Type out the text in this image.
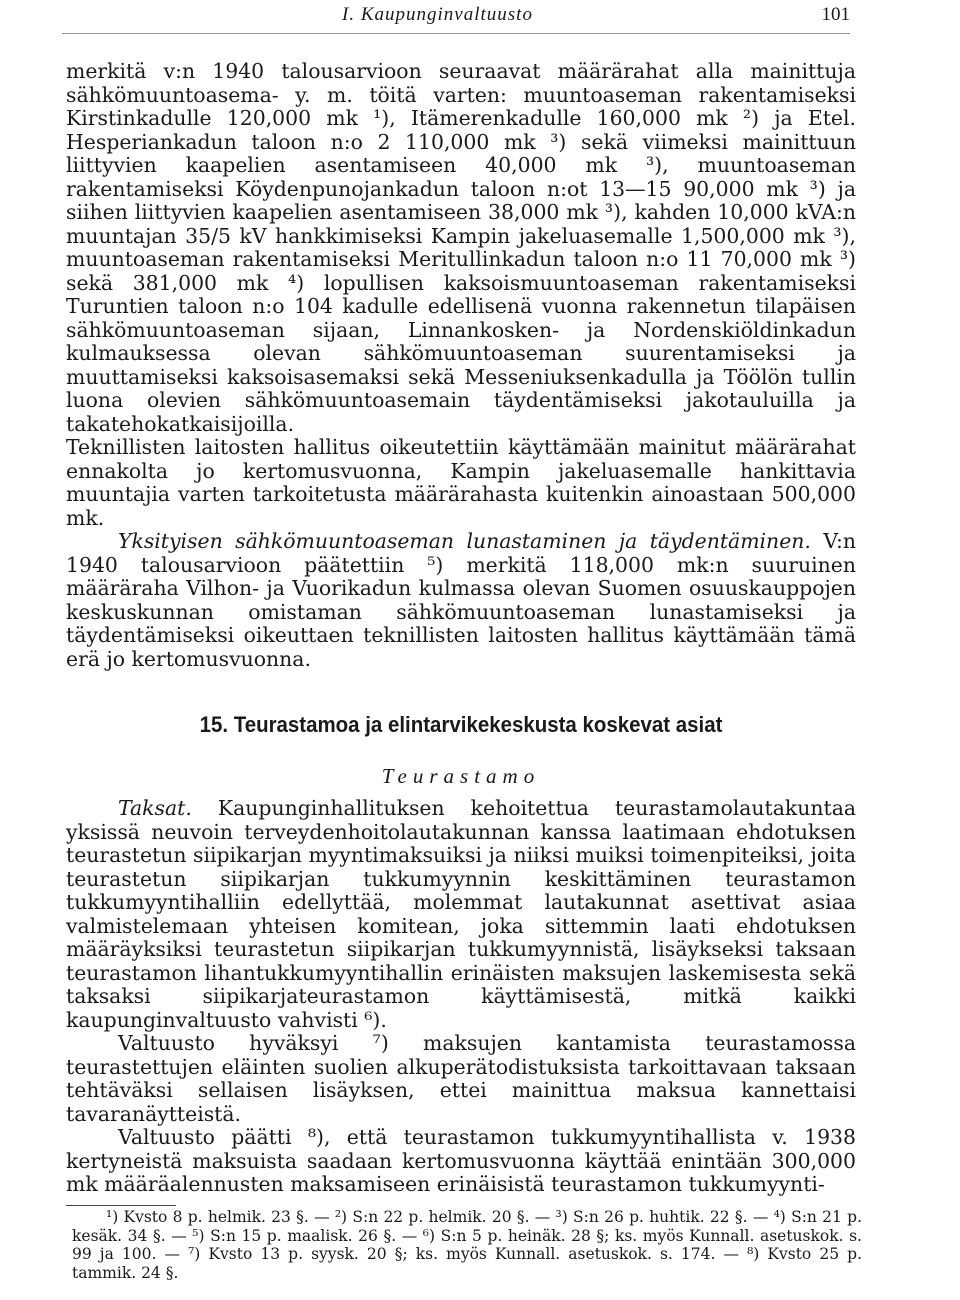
I. Kaupunginvaltuusto	101

merkitä v:n 1940 talousarvioon seuraavat määrärahat alla mainittuja sähkömuuntoasema- y. m. töitä varten: muuntoaseman rakentamiseksi Kirstinkadulle 120,000 mk ¹), Itämerenkadulle 160,000 mk ²) ja Etel. Hesperiankadun taloon n:o 2 110,000 mk ³) sekä viimeksi mainittuun liittyvien kaapelien asentamiseen 40,000 mk ³), muuntoaseman rakentamiseksi Köydenpunojankadun taloon n:ot 13—15 90,000 mk ³) ja siihen liittyvien kaapelien asentamiseen 38,000 mk ³), kahden 10,000 kVA:n muuntajan 35/5 kV hankkimiseksi Kampin jakeluasemalle 1,500,000 mk ³), muuntoaseman rakentamiseksi Meritullinkadun taloon n:o 11 70,000 mk ³) sekä 381,000 mk ⁴) lopullisen kaksoismuuntoaseman rakentamiseksi Turuntien taloon n:o 104 kadulle edellisenä vuonna rakennetun tilapäisen sähkömuuntoaseman sijaan, Linnankosken- ja Nordenskiöldinkadun kulmauksessa olevan sähkömuuntoaseman suurentamiseksi ja muuttamiseksi kaksoisasemaksi sekä Messeniuksenkadulla ja Töölön tullin luona olevien sähkömuuntoasemain täydentämiseksi jakotauluilla ja takatehokatkaisijoilla.

Teknillisten laitosten hallitus oikeutettiin käyttämään mainitut määrärahat ennakolta jo kertomusvuonna, Kampin jakeluasemalle hankittavia muuntajia varten tarkoitetusta määrärahasta kuitenkin ainoastaan 500,000 mk.

Yksityisen sähkömuuntoaseman lunastaminen ja täydentäminen. V:n 1940 talousarvioon päätettiin ⁵) merkitä 118,000 mk:n suuruinen määräraha Vilhon- ja Vuorikadun kulmassa olevan Suomen osuuskauppojen keskuskunnan omistaman sähkömuuntoaseman lunastamiseksi ja täydentämiseksi oikeuttaen teknillisten laitosten hallitus käyttämään tämä erä jo kertomusvuonna.

15. Teurastamoa ja elintarvikekeskusta koskevat asiat
Teurastamo

Taksat. Kaupunginhallituksen kehoitettua teurastamolautakuntaa yksissä neuvoin terveydenhoitolautakunnan kanssa laatimaan ehdotuksen teurastetun siipikarjan myyntimaksuiksi ja niiksi muiksi toimenpiteiksi, joita teurastetun siipikarjan tukkumyynnin keskittäminen teurastamon tukkumyyntihalliin edellyttää, molemmat lautakunnat asettivat asiaa valmistelemaan yhteisen komitean, joka sittemmin laati ehdotuksen määräyksiksi teurastetun siipikarjan tukkumyynnistä, lisäykseksi taksaan teurastamon lihantukkumyyntihallin erinäisten maksujen laskemisesta sekä taksaksi siipikarjateurastamon käyttämisestä, mitkä kaikki kaupunginvaltuusto vahvisti ⁶).

Valtuusto hyväksyi ⁷) maksujen kantamista teurastamossa teurastettujen eläinten suolien alkuperätodistuksista tarkoittavaan taksaan tehtäväksi sellaisen lisäyksen, ettei mainittua maksua kannettaisi tavaranäytteistä.

Valtuusto päätti ⁸), että teurastamon tukkumyyntihallista v. 1938 kertyneistä maksuista saadaan kertomusvuonna käyttää enintään 300,000 mk määräalennusten maksamiseen erinäisistä teurastamon tukkumyynti-

¹) Kvsto 8 p. helmik. 23 §. — ²) S:n 22 p. helmik. 20 §. — ³) S:n 26 p. huhtik. 22 §. — ⁴) S:n 21 p. kesäk. 34 §. — ⁵) S:n 15 p. maalisk. 26 §. — ⁶) S:n 5 p. heinäk. 28 §; ks. myös Kunnall. asetuskok. s. 99 ja 100. — ⁷) Kvsto 13 p. syysk. 20 §; ks. myös Kunnall. asetuskok. s. 174. — ⁸) Kvsto 25 p. tammik. 24 §.
